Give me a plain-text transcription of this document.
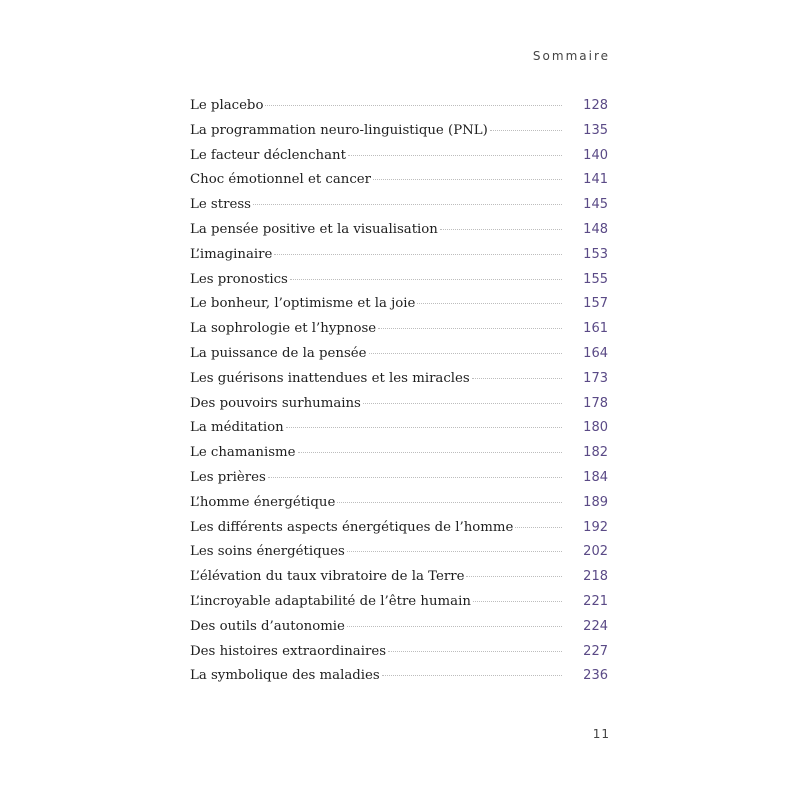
Sommaire
Le placebo	128
La programmation neuro-linguistique (PNL)	135
Le facteur déclenchant	140
Choc émotionnel et cancer	141
Le stress	145
La pensée positive et la visualisation	148
L’imaginaire	153
Les pronostics	155
Le bonheur, l’optimisme et la joie	157
La sophrologie et l’hypnose	161
La puissance de la pensée	164
Les guérisons inattendues et les miracles	173
Des pouvoirs surhumains	178
La méditation	180
Le chamanisme	182
Les prières	184
L’homme énergétique	189
Les différents aspects énergétiques de l’homme	192
Les soins énergétiques	202
L’élévation du taux vibratoire de la Terre	218
L’incroyable adaptabilité de l’être humain	221
Des outils d’autonomie	224
Des histoires extraordinaires	227
La symbolique des maladies	236
11
